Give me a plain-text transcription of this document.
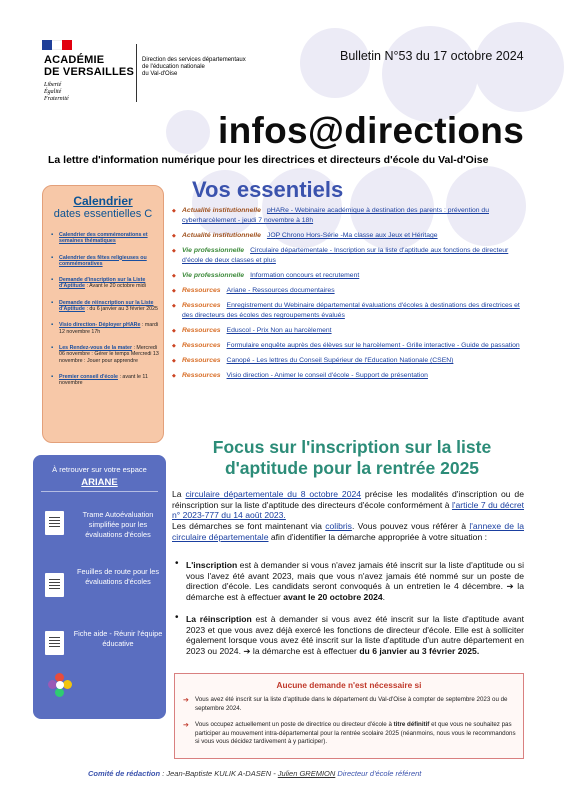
ACADÉMIE
DE VERSAILLES
Liberté
Égalité
Fraternité
Direction des services départementaux
de l'éducation nationale
du Val-d'Oise
Bulletin N°53 du 17 octobre 2024
infos@directions
La lettre d'information numérique pour les directrices et directeurs d'école du Val-d'Oise
Calendrier
dates essentielles C
▪ Calendrier des commémorations et semaines thématiques
▪ Calendrier des fêtes religieuses ou commémoratives
▪ Demande d'inscription sur la Liste d'Aptitude : Avant le 20 octobre midi
▪ Demande de réinscription sur la Liste d'Aptitude : du 6 janvier au 3 février 2025
▪ Visio direction- Déployer pHARe : mardi 12 novembre 17h
▪ Les Rendez-vous de la mater : Mercredi 06 novembre : Gérer le temps Mercredi 13 novembre : Jouer pour apprendre
▪ Premier conseil d'école : avant le 11 novembre
À retrouver sur votre espace
ARIANE
Trame Autoévaluation simplifiée pour les évaluations d'écoles
Feuilles de route pour les évaluations d'écoles
Fiche aide - Réunir l'équipe éducative
Vos essentiels
◆ Actualité institutionnelle pHARe - Webinaire académique à destination des parents : prévention du cyberharcèlement - jeudi 7 novembre à 18h
◆ Actualité institutionnelle JOP Chrono Hors-Série -Ma classe aux Jeux et Héritage
◆ Vie professionnelle Circulaire départementale - Inscription sur la liste d'aptitude aux fonctions de directeur d'école de deux classes et plus
◆ Vie professionnelle Information concours et recrutement
◆ Ressources Ariane - Ressources documentaires
◆ Ressources Enregistrement du Webinaire départemental évaluations d'écoles à destinations des directrices et des directeurs des écoles des regroupements évalués
◆ Ressources Eduscol - Prix Non au harcèlement
◆ Ressources Formulaire enquête auprès des élèves sur le harcèlement - Grille interactive - Guide de passation
◆ Ressources Canopé - Les lettres du Conseil Supérieur de l'Education Nationale (CSEN)
◆ Ressources Visio direction - Animer le conseil d'école - Support de présentation
Focus sur l'inscription sur la liste d'aptitude pour la rentrée 2025
La circulaire départementale du 8 octobre 2024 précise les modalités d'inscription ou de réinscription sur la liste d'aptitude des directeurs d'école conformément à l'article 7 du décret n° 2023-777 du 14 août 2023.
Les démarches se font maintenant via colibris. Vous pouvez vous référer à l'annexe de la circulaire départementale afin d'identifier la démarche appropriée à votre situation :
• L'inscription est à demander si vous n'avez jamais été inscrit sur la liste d'aptitude ou si vous l'avez été avant 2023, mais que vous n'avez jamais été nommé sur un poste de direction d'école. Les candidats seront convoqués à un entretien le 4 décembre. ➔ la démarche est à effectuer avant le 20 octobre 2024.
• La réinscription est à demander si vous avez été inscrit sur la liste d'aptitude avant 2023 et que vous avez déjà exercé les fonctions de directeur d'école. Elle est à solliciter également lorsque vous avez été inscrit sur la liste d'aptitude d'un autre département en 2023 ou 2024. ➔ la démarche est à effectuer du 6 janvier au 3 février 2025.
Aucune demande n'est nécessaire si
➔ Vous avez été inscrit sur la liste d'aptitude dans le département du Val-d'Oise à compter de septembre 2023 ou de septembre 2024.
➔ Vous occupez actuellement un poste de directrice ou directeur d'école à titre définitif et que vous ne souhaitez pas participer au mouvement intra-départemental pour la rentrée scolaire 2025 (néanmoins, nous vous le recommandons si vous vous décidez tardivement à y participer).
Comité de rédaction : Jean-Baptiste KULIK A-DASEN - Julien GREMION Directeur d'école référent
